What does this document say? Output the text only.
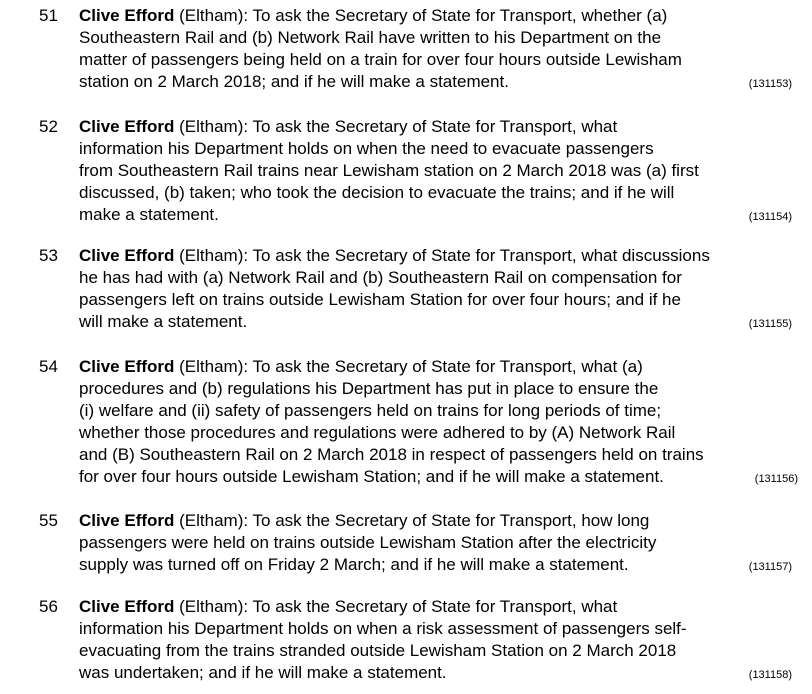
51 Clive Efford (Eltham): To ask the Secretary of State for Transport, whether (a)
Southeastern Rail and (b) Network Rail have written to his Department on the
matter of passengers being held on a train for over four hours outside Lewisham
station on 2 March 2018; and if he will make a statement.	(131153)
52 Clive Efford (Eltham): To ask the Secretary of State for Transport, what
information his Department holds on when the need to evacuate passengers
from Southeastern Rail trains near Lewisham station on 2 March 2018 was (a) first
discussed, (b) taken; who took the decision to evacuate the trains; and if he will
make a statement.	(131154)
53 Clive Efford (Eltham): To ask the Secretary of State for Transport, what discussions
he has had with (a) Network Rail and (b) Southeastern Rail on compensation for
passengers left on trains outside Lewisham Station for over four hours; and if he
will make a statement.	(131155)
54 Clive Efford (Eltham): To ask the Secretary of State for Transport, what (a)
procedures and (b) regulations his Department has put in place to ensure the
(i) welfare and (ii) safety of passengers held on trains for long periods of time;
whether those procedures and regulations were adhered to by (A) Network Rail
and (B) Southeastern Rail on 2 March 2018 in respect of passengers held on trains
for over four hours outside Lewisham Station; and if he will make a statement.	(131156)
55 Clive Efford (Eltham): To ask the Secretary of State for Transport, how long
passengers were held on trains outside Lewisham Station after the electricity
supply was turned off on Friday 2 March; and if he will make a statement.	(131157)
56 Clive Efford (Eltham): To ask the Secretary of State for Transport, what
information his Department holds on when a risk assessment of passengers self-
evacuating from the trains stranded outside Lewisham Station on 2 March 2018
was undertaken; and if he will make a statement.	(131158)
